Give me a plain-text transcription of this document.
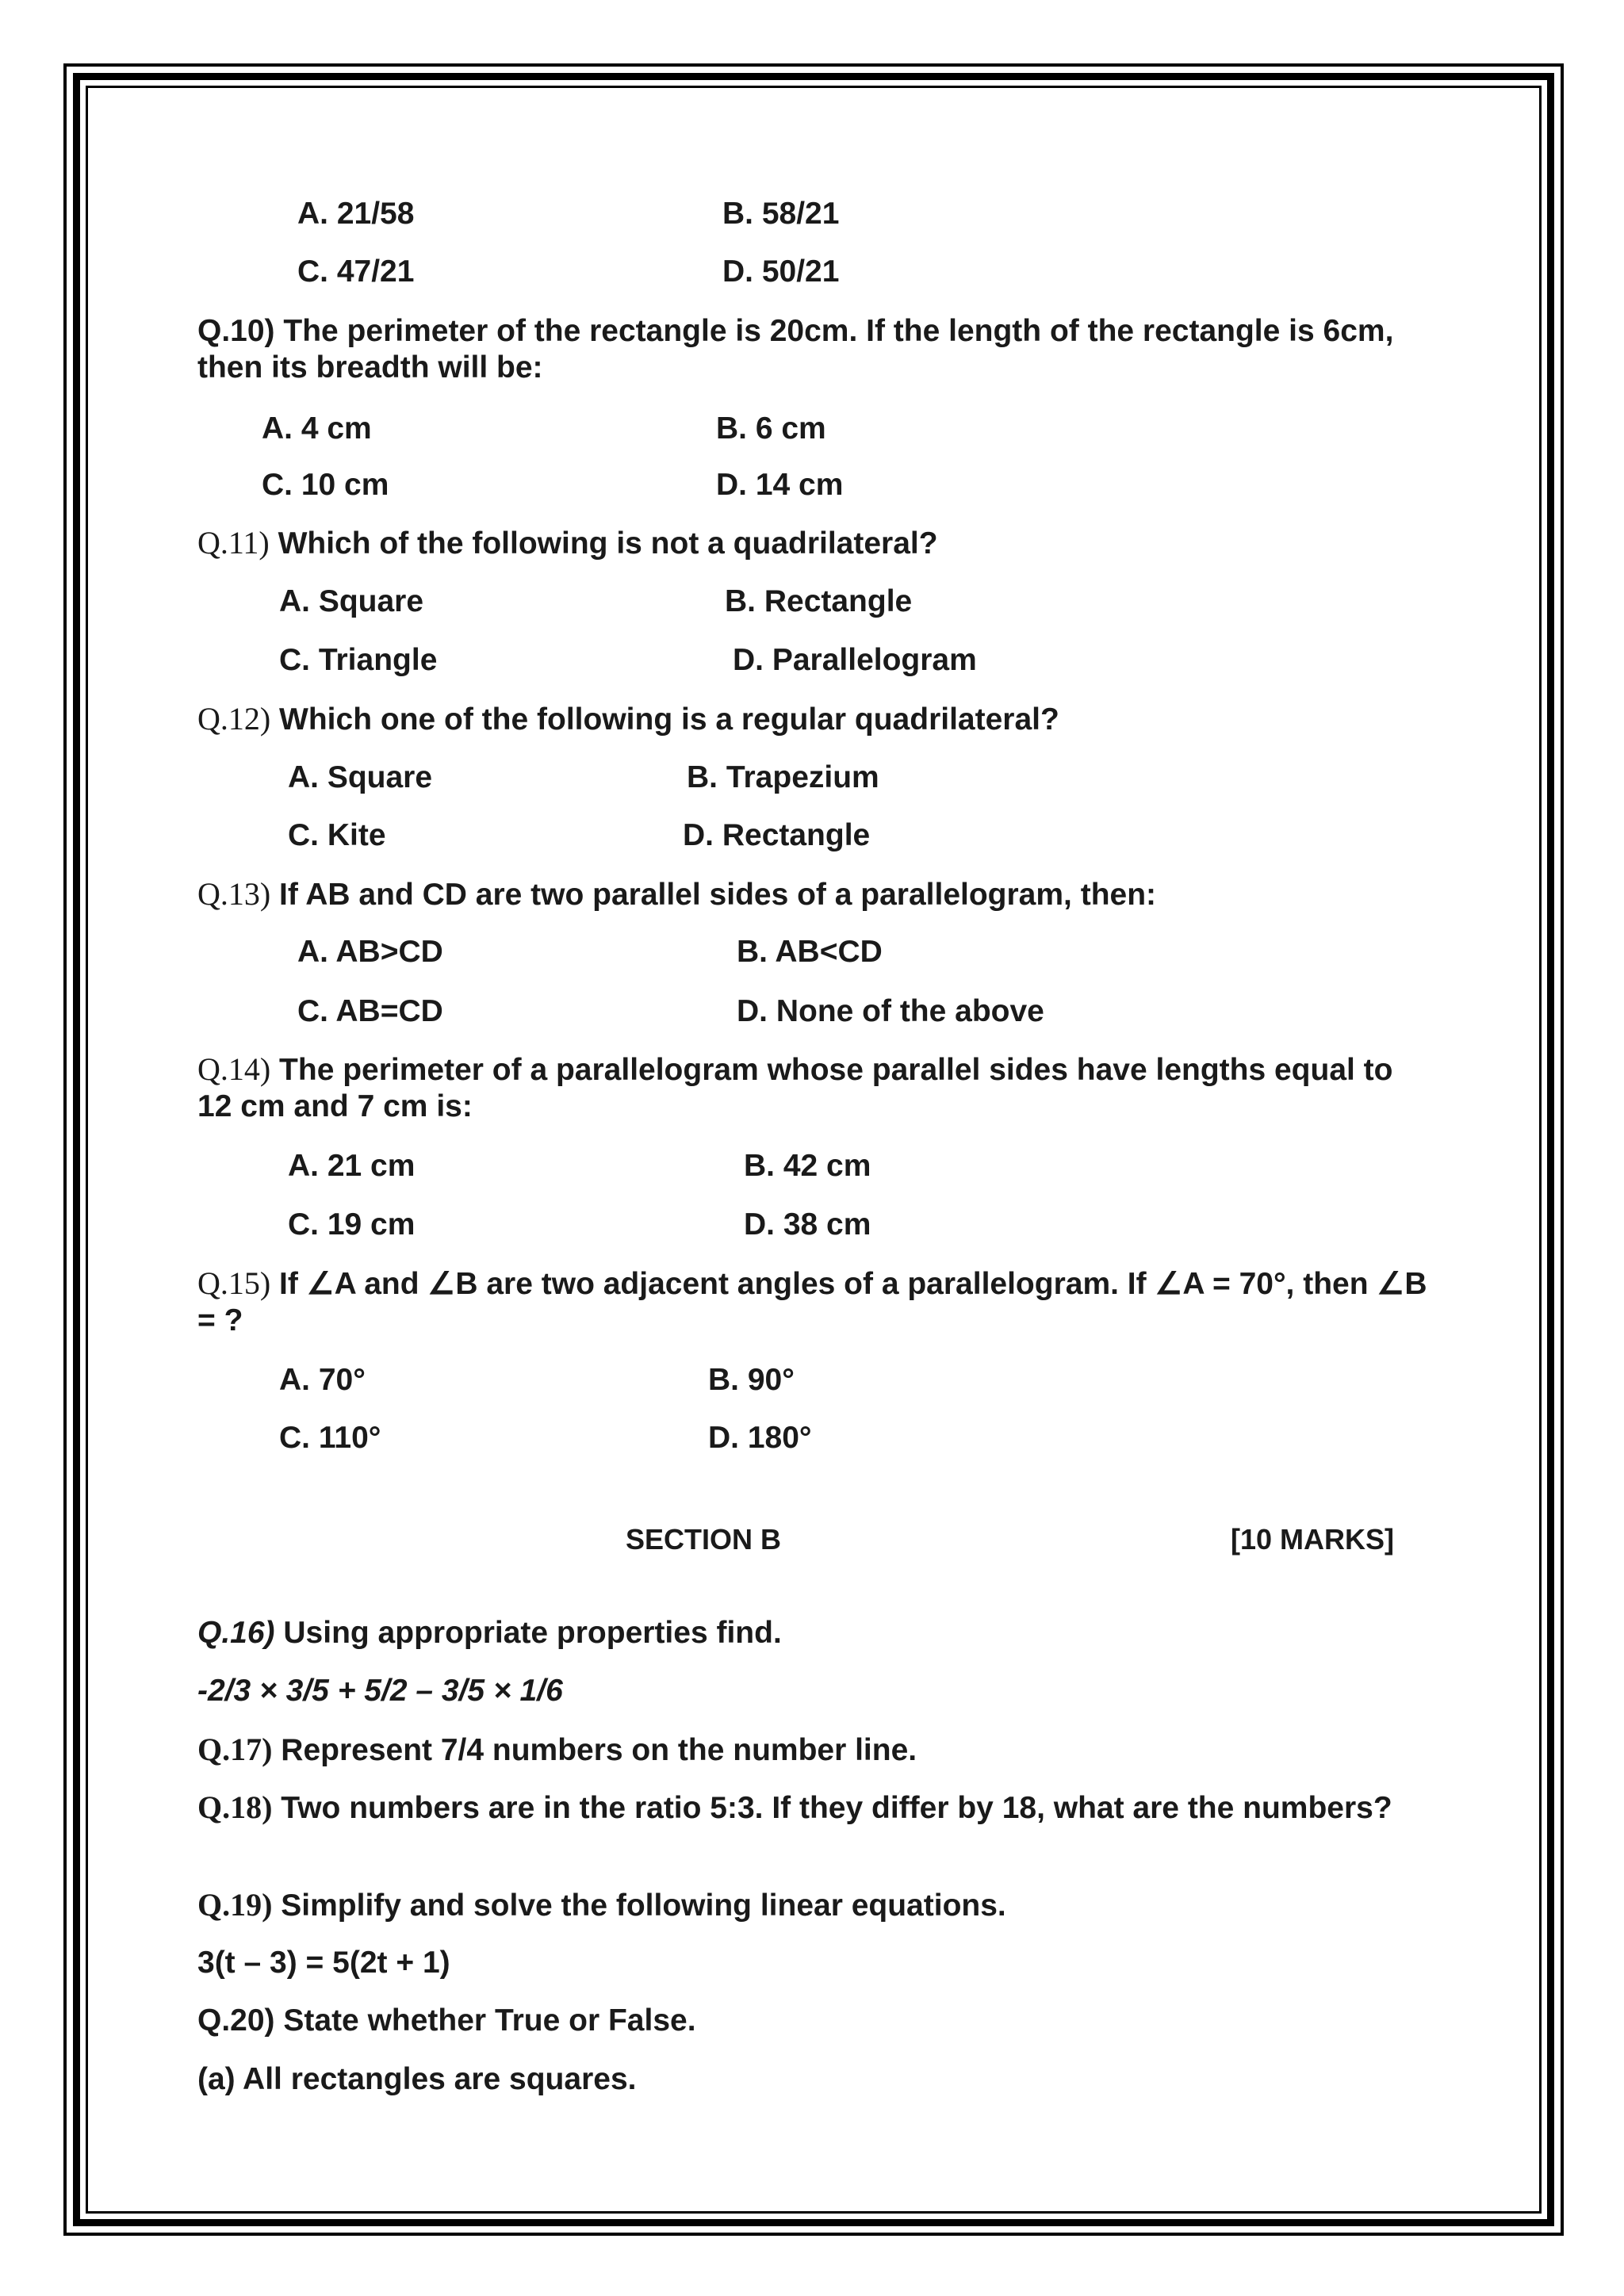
A. 21/58	B. 58/21

C. 47/21	D. 50/21

Q.10) The perimeter of the rectangle is 20cm. If the length of the rectangle is 6cm, then its breadth will be:

A. 4 cm	B. 6 cm

C. 10 cm	D. 14 cm

Q.11) Which of the following is not a quadrilateral?

A. Square	B. Rectangle

C. Triangle	D. Parallelogram

Q.12) Which one of the following is a regular quadrilateral?

A. Square	B. Trapezium

C. Kite	D. Rectangle

Q.13) If AB and CD are two parallel sides of a parallelogram, then:

A. AB>CD	B. AB<CD

C. AB=CD	D. None of the above

Q.14) The perimeter of a parallelogram whose parallel sides have lengths equal to 12 cm and 7 cm is:

A. 21 cm	B. 42 cm

C. 19 cm	D. 38 cm

Q.15) If ∠A and ∠B are two adjacent angles of a parallelogram. If ∠A = 70°, then ∠B = ?

A. 70°	B. 90°

C. 110°	D. 180°

SECTION B	[10 MARKS]

Q.16) Using appropriate properties find.

-2/3 × 3/5 + 5/2 – 3/5 × 1/6

Q.17) Represent 7/4 numbers on the number line.

Q.18) Two numbers are in the ratio 5:3. If they differ by 18, what are the numbers?

Q.19) Simplify and solve the following linear equations.

3(t – 3) = 5(2t + 1)

Q.20) State whether True or False.

(a) All rectangles are squares.
